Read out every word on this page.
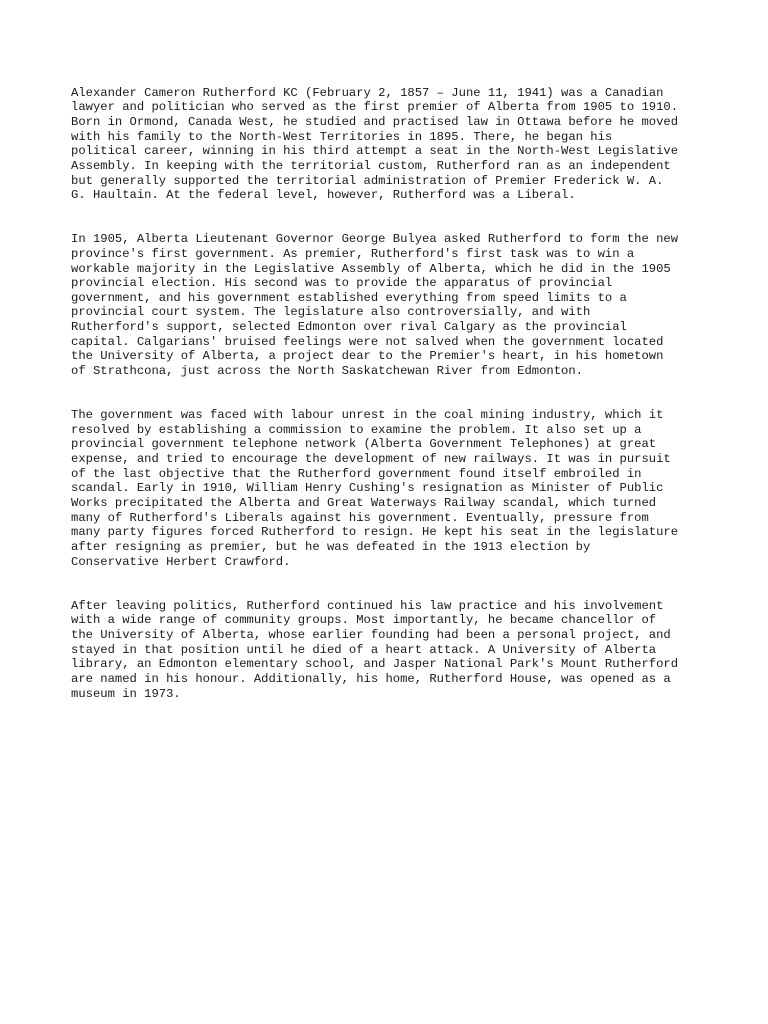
Alexander Cameron Rutherford KC (February 2, 1857 – June 11, 1941) was a Canadian
lawyer and politician who served as the first premier of Alberta from 1905 to 1910.
Born in Ormond, Canada West, he studied and practised law in Ottawa before he moved
with his family to the North-West Territories in 1895. There, he began his
political career, winning in his third attempt a seat in the North-West Legislative
Assembly. In keeping with the territorial custom, Rutherford ran as an independent
but generally supported the territorial administration of Premier Frederick W. A.
G. Haultain. At the federal level, however, Rutherford was a Liberal.

In 1905, Alberta Lieutenant Governor George Bulyea asked Rutherford to form the new
province's first government. As premier, Rutherford's first task was to win a
workable majority in the Legislative Assembly of Alberta, which he did in the 1905
provincial election. His second was to provide the apparatus of provincial
government, and his government established everything from speed limits to a
provincial court system. The legislature also controversially, and with
Rutherford's support, selected Edmonton over rival Calgary as the provincial
capital. Calgarians' bruised feelings were not salved when the government located
the University of Alberta, a project dear to the Premier's heart, in his hometown
of Strathcona, just across the North Saskatchewan River from Edmonton.

The government was faced with labour unrest in the coal mining industry, which it
resolved by establishing a commission to examine the problem. It also set up a
provincial government telephone network (Alberta Government Telephones) at great
expense, and tried to encourage the development of new railways. It was in pursuit
of the last objective that the Rutherford government found itself embroiled in
scandal. Early in 1910, William Henry Cushing's resignation as Minister of Public
Works precipitated the Alberta and Great Waterways Railway scandal, which turned
many of Rutherford's Liberals against his government. Eventually, pressure from
many party figures forced Rutherford to resign. He kept his seat in the legislature
after resigning as premier, but he was defeated in the 1913 election by
Conservative Herbert Crawford.

After leaving politics, Rutherford continued his law practice and his involvement
with a wide range of community groups. Most importantly, he became chancellor of
the University of Alberta, whose earlier founding had been a personal project, and
stayed in that position until he died of a heart attack. A University of Alberta
library, an Edmonton elementary school, and Jasper National Park's Mount Rutherford
are named in his honour. Additionally, his home, Rutherford House, was opened as a
museum in 1973.
